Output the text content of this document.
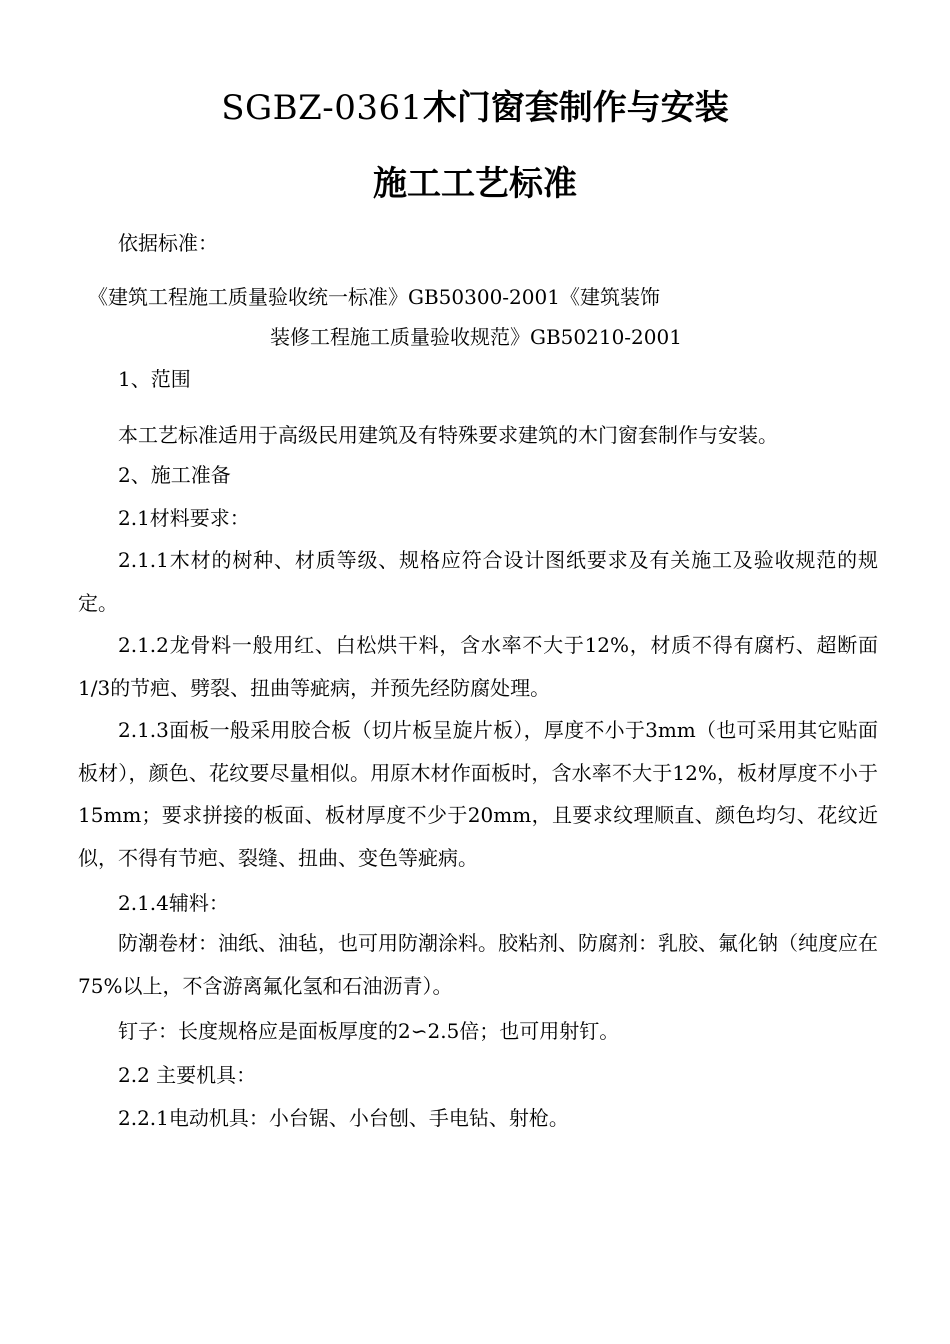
SGBZ-0361木门窗套制作与安装
施工工艺标准
依据标准：
《建筑工程施工质量验收统一标准》GB50300-2001《建筑装饰
装修工程施工质量验收规范》GB50210-2001
1、范围
本工艺标准适用于高级民用建筑及有特殊要求建筑的木门窗套制作与安装。
2、施工准备
2.1材料要求：

2.1.1木材的树种、材质等级、规格应符合设计图纸要求及有关施工及验收规范的规定。

2.1.2龙骨料一般用红、白松烘干料，含水率不大于12%，材质不得有腐朽、超断面1/3的节疤、劈裂、扭曲等疵病，并预先经防腐处理。

2.1.3面板一般采用胶合板（切片板呈旋片板），厚度不小于3mm（也可采用其它贴面板材），颜色、花纹要尽量相似。用原木材作面板时，含水率不大于12%，板材厚度不小于15mm；要求拼接的板面、板材厚度不少于20mm，且要求纹理顺直、颜色均匀、花纹近似，不得有节疤、裂缝、扭曲、变色等疵病。

2.1.4辅料：

防潮卷材：油纸、油毡，也可用防潮涂料。胶粘剂、防腐剂：乳胶、氟化钠（纯度应在75%以上，不含游离氟化氢和石油沥青）。

钉子：长度规格应是面板厚度的2∽2.5倍；也可用射钉。
2.2 主要机具：
2.2.1电动机具：小台锯、小台刨、手电钻、射枪。
